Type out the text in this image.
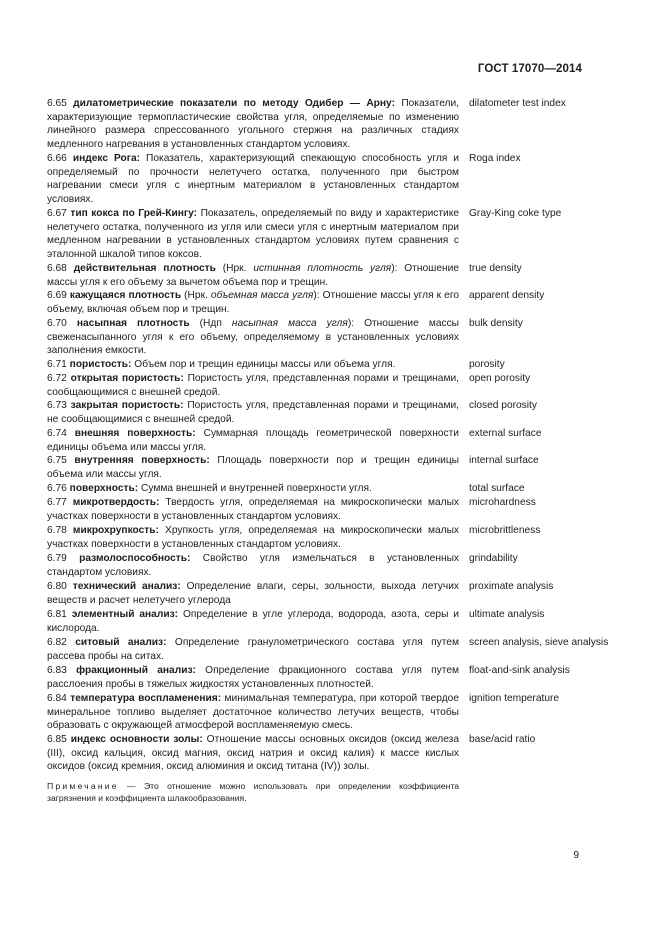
ГОСТ 17070—2014
6.65 дилатометрические показатели по методу Одибер — Арну: Показатели, характеризующие термопластические свойства угля, определяемые по изменению линейного размера спрессованного угольного стержня на различных стадиях медленного нагревания в установленных стандартом условиях.
dilatometer test index
6.66 индекс Рога: Показатель, характеризующий спекающую способность угля и определяемый по прочности нелетучего остатка, полученного при быстром нагревании смеси угля с инертным материалом в установленных стандартом условиях.
Roga index
6.67 тип кокса по Грей-Кингу: Показатель, определяемый по виду и характеристике нелетучего остатка, полученного из угля или смеси угля с инертным материалом при медленном нагревании в установленных стандартом условиях путем сравнения с эталонной шкалой типов коксов.
Gray-King coke type
6.68 действительная плотность (Нрк. истинная плотность угля): Отношение массы угля к его объему за вычетом объема пор и трещин.
true density
6.69 кажущаяся плотность (Нрк. объемная масса угля): Отношение массы угля к его объему, включая объем пор и трещин.
apparent density
6.70 насыпная плотность (Ндп насыпная масса угля): Отношение массы свеженасыпанного угля к его объему, определяемому в установленных условиях заполнения емкости.
bulk density
6.71 пористость: Объем пор и трещин единицы массы или объема угля.	porosity
6.72 открытая пористость: Пористость угля, представленная порами и трещинами, сообщающимися с внешней средой.
open porosity
6.73 закрытая пористость: Пористость угля, представленная порами и трещинами, не сообщающимися с внешней средой.
closed porosity
6.74 внешняя поверхность: Суммарная площадь геометрической поверхности единицы объема или массы угля.
external surface
6.75 внутренняя поверхность: Площадь поверхности пор и трещин единицы объема или массы угля.
internal surface
6.76 поверхность: Сумма внешней и внутренней поверхности угля.	total surface
6.77 микротвердость: Твердость угля, определяемая на микроскопически малых участках поверхности в установленных стандартом условиях.
microhardness
6.78 микрохрупкость: Хрупкость угля, определяемая на микроскопически малых участках поверхности в установленных стандартом условиях.
microbrittleness
6.79 размолоспособность: Свойство угля измельчаться в установленных стандартом условиях.
grindability
6.80 технический анализ: Определение влаги, серы, зольности, выхода летучих веществ и расчет нелетучего углерода
proximate analysis
6.81 элементный анализ: Определение в угле углерода, водорода, азота, серы и кислорода.
ultimate analysis
6.82 ситовый анализ: Определение гранулометрического состава угля путем рассева пробы на ситах.
screen analysis, sieve analysis
6.83 фракционный анализ: Определение фракционного состава угля путем расслоения пробы в тяжелых жидкостях установленных плотностей.
float-and-sink analysis
6.84 температура воспламенения: минимальная температура, при которой твердое минеральное топливо выделяет достаточное количество летучих веществ, чтобы образовать с окружающей атмосферой воспламеняемую смесь.
ignition temperature
6.85 индекс основности золы: Отношение массы основных оксидов (оксид железа (III), оксид кальция, оксид магния, оксид натрия и оксид калия) к массе кислых оксидов (оксид кремния, оксид алюминия и оксид титана (IV)) золы.
base/acid ratio
Примечание — Это отношение можно использовать при определении коэффициента загрязнения и коэффициента шлакообразования.
9
